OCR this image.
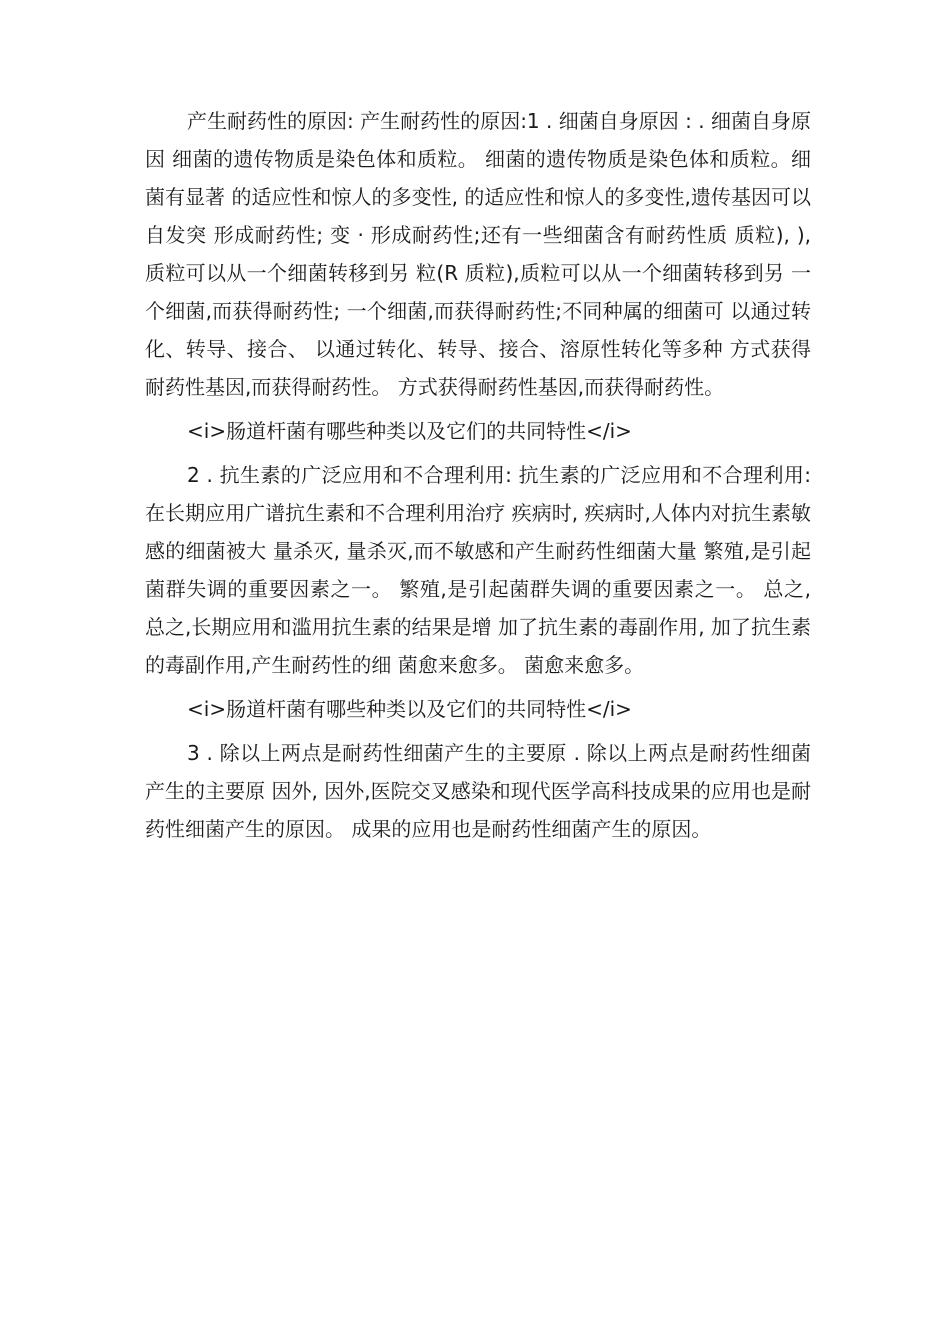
产生耐药性的原因: 产生耐药性的原因:1 . 细菌自身原因 : . 细菌自身原因 细菌的遗传物质是染色体和质粒。 细菌的遗传物质是染色体和质粒。细菌有显著 的适应性和惊人的多变性, 的适应性和惊人的多变性,遗传基因可以自发突 形成耐药性; 变 · 形成耐药性;还有一些细菌含有耐药性质 质粒), ),质粒可以从一个细菌转移到另 粒(R 质粒),质粒可以从一个细菌转移到另 一个细菌,而获得耐药性; 一个细菌,而获得耐药性;不同种属的细菌可 以通过转化、转导、接合、 以通过转化、转导、接合、溶原性转化等多种 方式获得耐药性基因,而获得耐药性。 方式获得耐药性基因,而获得耐药性。

<i>肠道杆菌有哪些种类以及它们的共同特性</i>

2 . 抗生素的广泛应用和不合理利用: 抗生素的广泛应用和不合理利用: 在长期应用广谱抗生素和不合理利用治疗 疾病时, 疾病时,人体内对抗生素敏感的细菌被大 量杀灭, 量杀灭,而不敏感和产生耐药性细菌大量 繁殖,是引起菌群失调的重要因素之一。 繁殖,是引起菌群失调的重要因素之一。 总之, 总之,长期应用和滥用抗生素的结果是增 加了抗生素的毒副作用, 加了抗生素的毒副作用,产生耐药性的细 菌愈来愈多。 菌愈来愈多。

<i>肠道杆菌有哪些种类以及它们的共同特性</i>

3 . 除以上两点是耐药性细菌产生的主要原 . 除以上两点是耐药性细菌产生的主要原 因外, 因外,医院交叉感染和现代医学高科技成果的应用也是耐药性细菌产生的原因。 成果的应用也是耐药性细菌产生的原因。
